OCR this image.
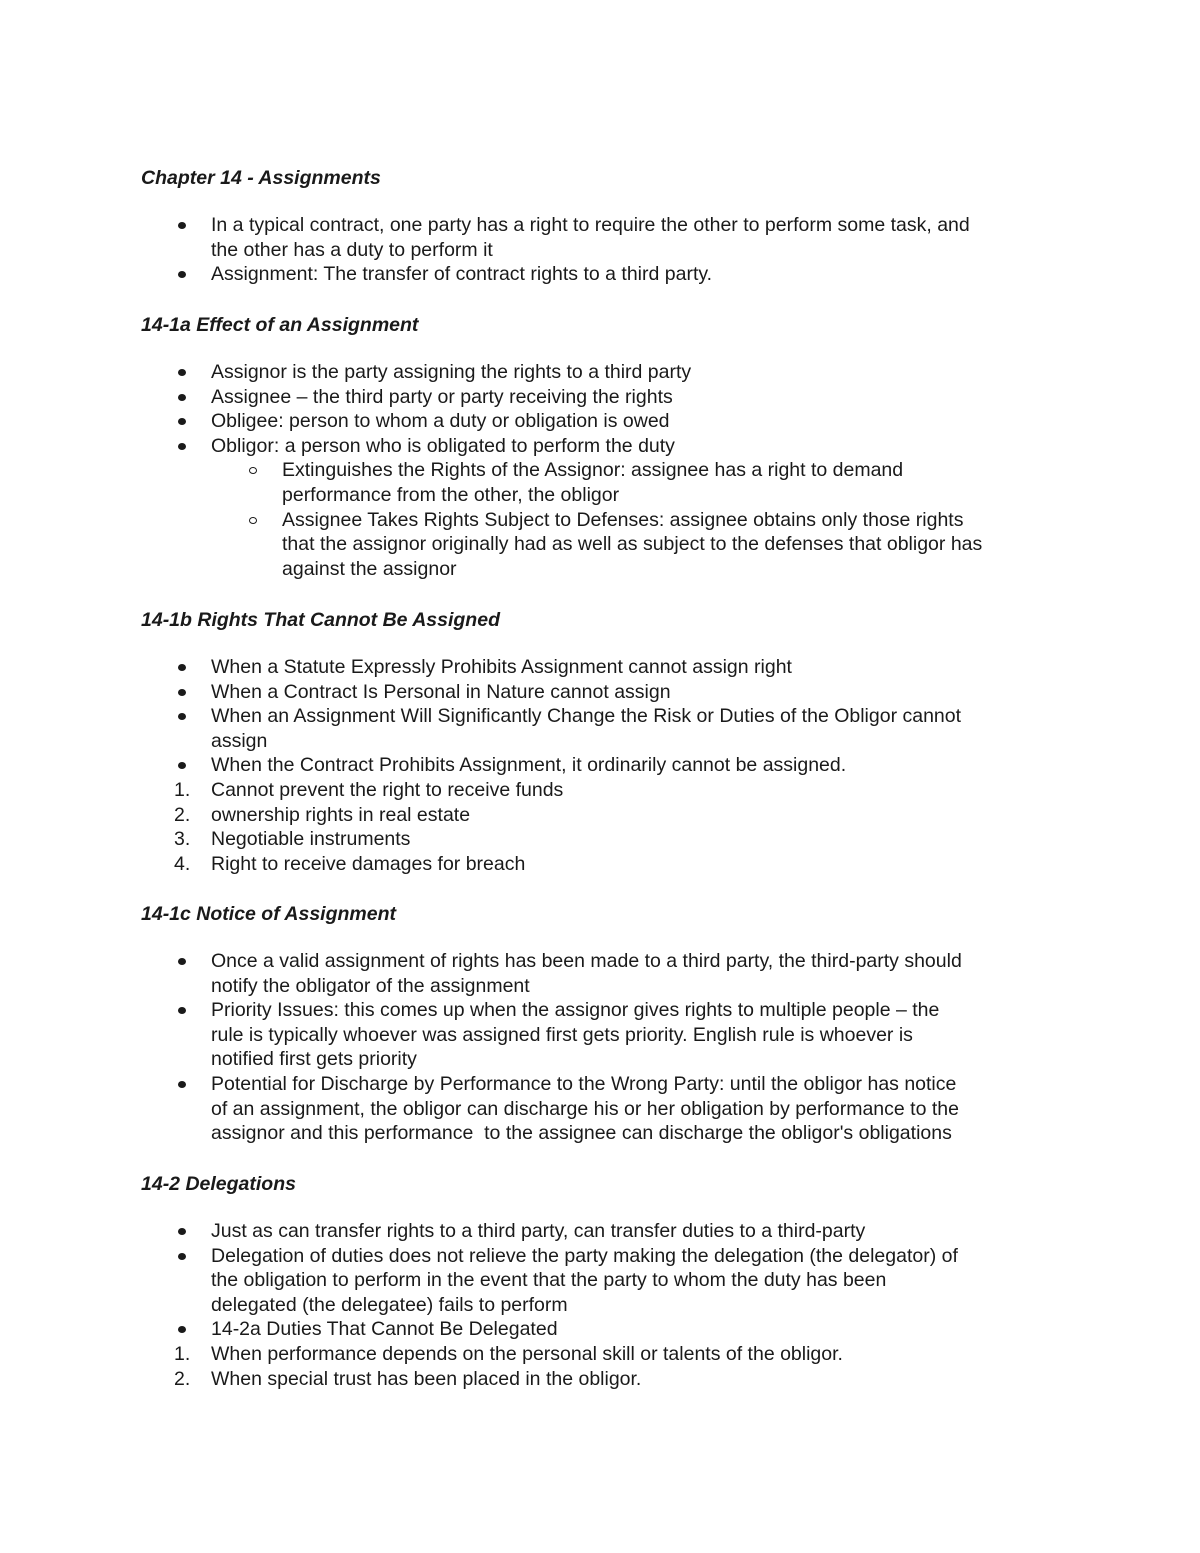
Chapter 14 - Assignments
In a typical contract, one party has a right to require the other to perform some task, and
the other has a duty to perform it
Assignment: The transfer of contract rights to a third party.
14-1a Effect of an Assignment
Assignor is the party assigning the rights to a third party
Assignee – the third party or party receiving the rights
Obligee: person to whom a duty or obligation is owed
Obligor: a person who is obligated to perform the duty
Extinguishes the Rights of the Assignor: assignee has a right to demand
performance from the other, the obligor
Assignee Takes Rights Subject to Defenses: assignee obtains only those rights
that the assignor originally had as well as subject to the defenses that obligor has
against the assignor
14-1b Rights That Cannot Be Assigned
When a Statute Expressly Prohibits Assignment cannot assign right
When a Contract Is Personal in Nature cannot assign
When an Assignment Will Significantly Change the Risk or Duties of the Obligor cannot
assign
When the Contract Prohibits Assignment, it ordinarily cannot be assigned.
1. Cannot prevent the right to receive funds
2. ownership rights in real estate
3. Negotiable instruments
4. Right to receive damages for breach
14-1c Notice of Assignment
Once a valid assignment of rights has been made to a third party, the third-party should
notify the obligator of the assignment
Priority Issues: this comes up when the assignor gives rights to multiple people – the
rule is typically whoever was assigned first gets priority. English rule is whoever is
notified first gets priority
Potential for Discharge by Performance to the Wrong Party: until the obligor has notice
of an assignment, the obligor can discharge his or her obligation by performance to the
assignor and this performance  to the assignee can discharge the obligor's obligations
14-2 Delegations
Just as can transfer rights to a third party, can transfer duties to a third-party
Delegation of duties does not relieve the party making the delegation (the delegator) of
the obligation to perform in the event that the party to whom the duty has been
delegated (the delegatee) fails to perform
14-2a Duties That Cannot Be Delegated
1. When performance depends on the personal skill or talents of the obligor.
2. When special trust has been placed in the obligor.
